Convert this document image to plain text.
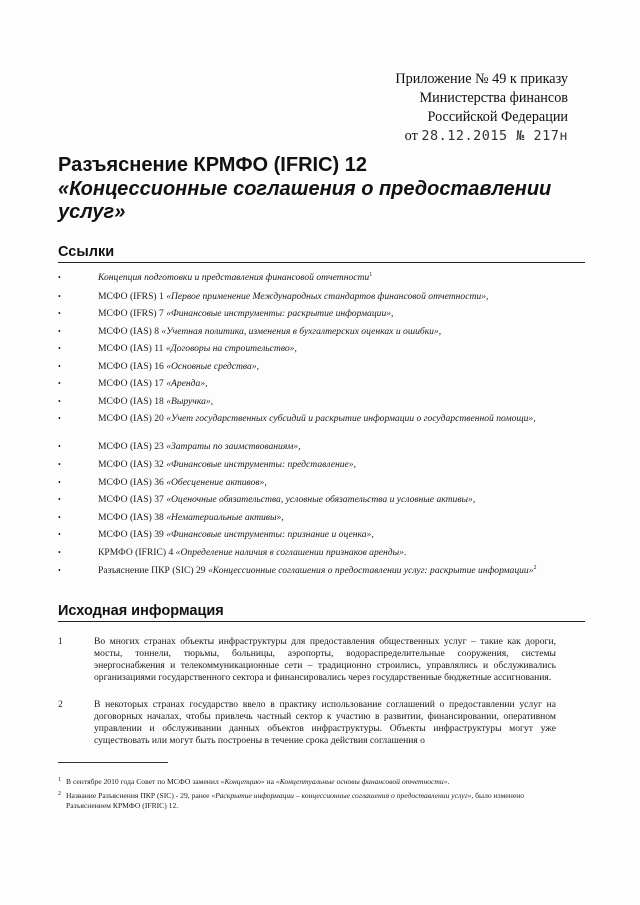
Приложение № 49 к приказу
Министерства финансов
Российской Федерации
от 28.12.2015 № 217н
Разъяснение КРМФО (IFRIC) 12
«Концессионные соглашения о предоставлении
услуг»
Ссылки
•	Концепция подготовки и представления финансовой отчетности$^1$
•	МСФО (IFRS) 1 «Первое применение Международных стандартов финансовой отчетности»,
•	МСФО (IFRS) 7 «Финансовые инструменты: раскрытие информации»,
•	МСФО (IAS) 8 «Учетная политика, изменения в бухгалтерских оценках и ошибки»,
•	МСФО (IAS) 11 «Договоры на строительство»,
•	МСФО (IAS) 16 «Основные средства»,
•	МСФО (IAS) 17 «Аренда»,
•	МСФО (IAS) 18 «Выручка»,
•	МСФО (IAS) 20 «Учет государственных субсидий и раскрытие информации о государственной помощи»,
•	МСФО (IAS) 23 «Затраты по заимствованиям»,
•	МСФО (IAS) 32 «Финансовые инструменты: представление»,
•	МСФО (IAS) 36 «Обесценение активов»,
•	МСФО (IAS) 37 «Оценочные обязательства, условные обязательства и условные активы»,
•	МСФО (IAS) 38 «Нематериальные активы»,
•	МСФО (IAS) 39 «Финансовые инструменты: признание и оценка»,
•	КРМФО (IFRIC) 4 «Определение наличия в соглашении признаков аренды».
•	Разъяснение ПКР (SIC) 29 «Концессионные соглашения о предоставлении услуг: раскрытие информации»$^2$
Исходная информация
1	Во многих странах объекты инфраструктуры для предоставления общественных услуг – такие как дороги, мосты, тоннели, тюрьмы, больницы, аэропорты, водораспределительные сооружения, системы энергоснабжения и телекоммуникационные сети – традиционно строились, управлялись и обслуживались организациями государственного сектора и финансировались через государственные бюджетные ассигнования.
2	В некоторых странах государство ввело в практику использование соглашений о предоставлении услуг на договорных началах, чтобы привлечь частный сектор к участию в развитии, финансировании, оперативном управлении и обслуживании данных объектов инфраструктуры. Объекты инфраструктуры могут уже существовать или могут быть построены в течение срока действия соглашения о
1 В сентябре 2010 года Совет по МСФО заменил «Концепцию» на «Концептуальные основы финансовой отчетности».
2 Название Разъяснения ПКР (SIC) - 29, ранее «Раскрытие информации – концессионные соглашения о предоставлении услуг», было изменено Разъяснением КРМФО (IFRIC) 12.
